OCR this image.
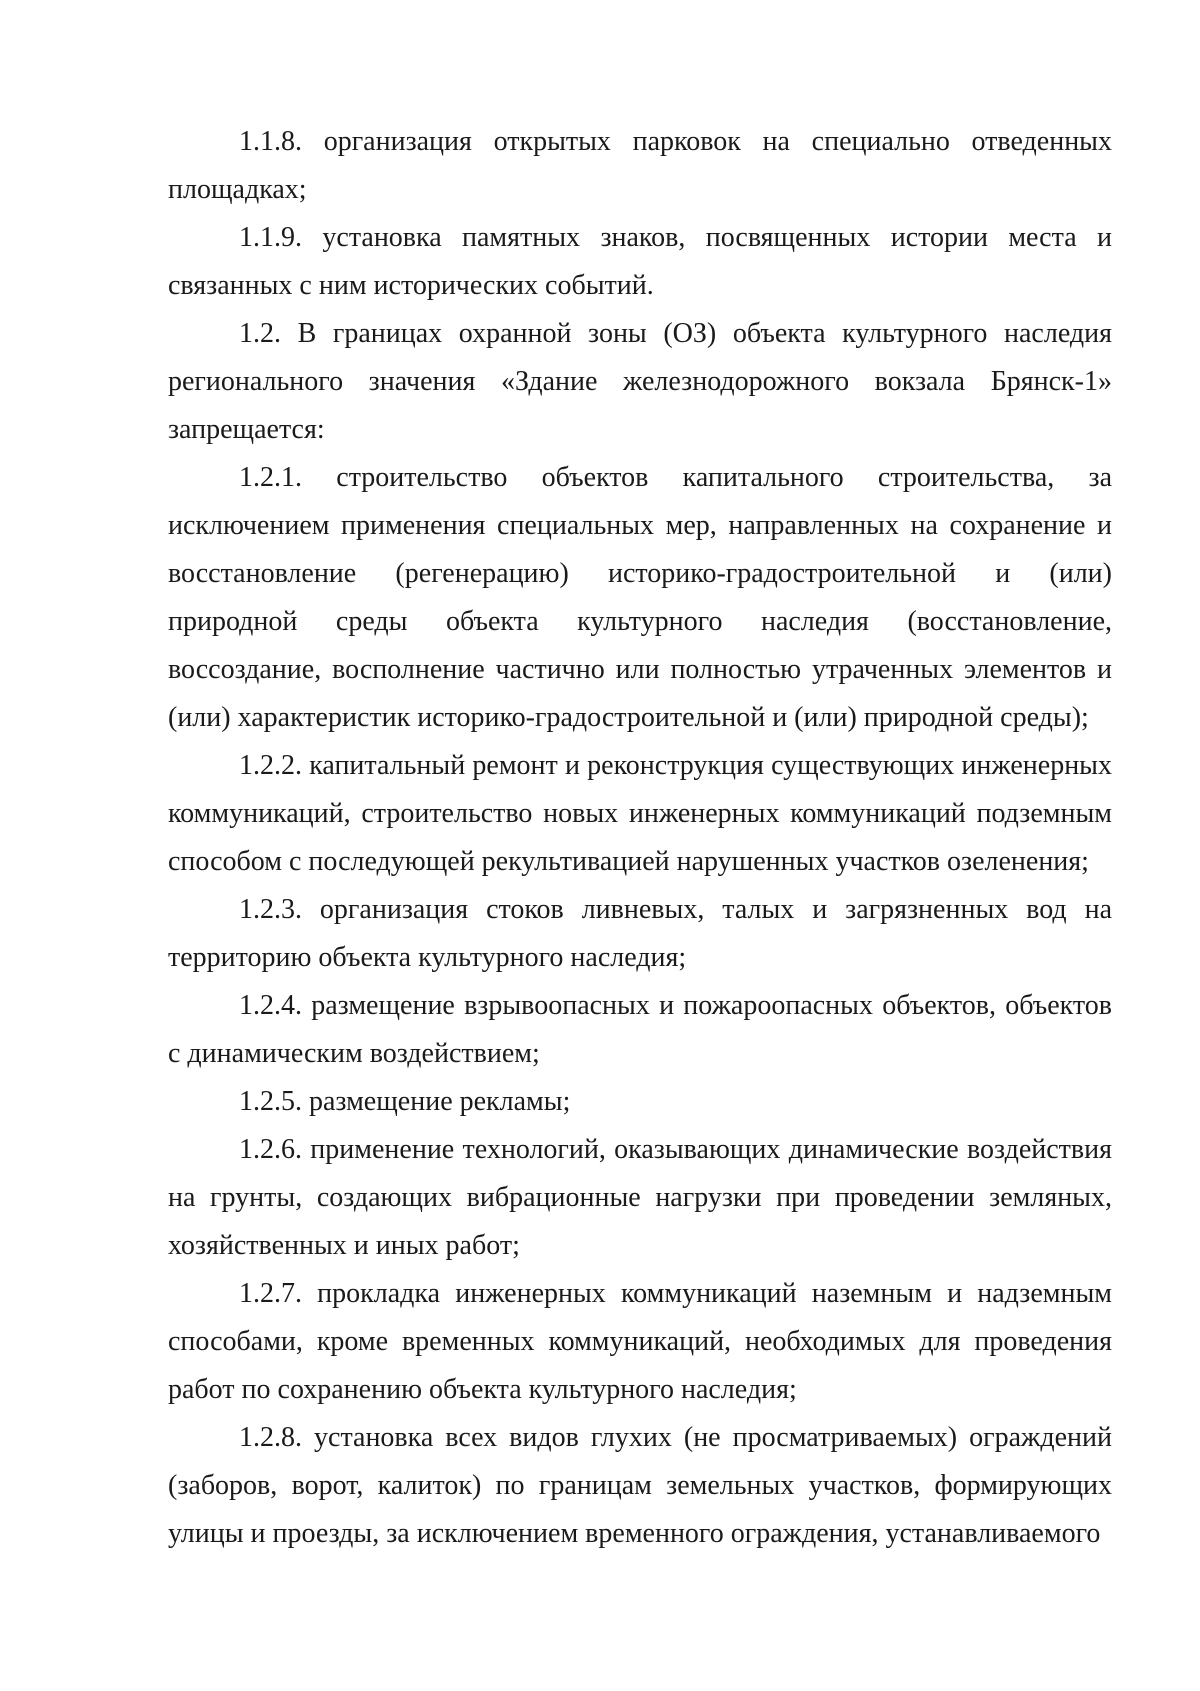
1.1.8. организация открытых парковок на специально отведенных площадках;

1.1.9. установка памятных знаков, посвященных истории места и связанных с ним исторических событий.

1.2. В границах охранной зоны (ОЗ) объекта культурного наследия регионального значения «Здание железнодорожного вокзала Брянск-1» запрещается:

1.2.1. строительство объектов капитального строительства, за исключением применения специальных мер, направленных на сохранение и восстановление (регенерацию) историко-градостроительной и (или) природной среды объекта культурного наследия (восстановление, воссоздание, восполнение частично или полностью утраченных элементов и (или) характеристик историко-градостроительной и (или) природной среды);

1.2.2. капитальный ремонт и реконструкция существующих инженерных коммуникаций, строительство новых инженерных коммуникаций подземным способом с последующей рекультивацией нарушенных участков озеленения;

1.2.3. организация стоков ливневых, талых и загрязненных вод на территорию объекта культурного наследия;

1.2.4. размещение взрывоопасных и пожароопасных объектов, объектов с динамическим воздействием;

1.2.5. размещение рекламы;

1.2.6. применение технологий, оказывающих динамические воздействия на грунты, создающих вибрационные нагрузки при проведении земляных, хозяйственных и иных работ;

1.2.7. прокладка инженерных коммуникаций наземным и надземным способами, кроме временных коммуникаций, необходимых для проведения работ по сохранению объекта культурного наследия;

1.2.8. установка всех видов глухих (не просматриваемых) ограждений (заборов, ворот, калиток) по границам земельных участков, формирующих улицы и проезды, за исключением временного ограждения, устанавливаемого
